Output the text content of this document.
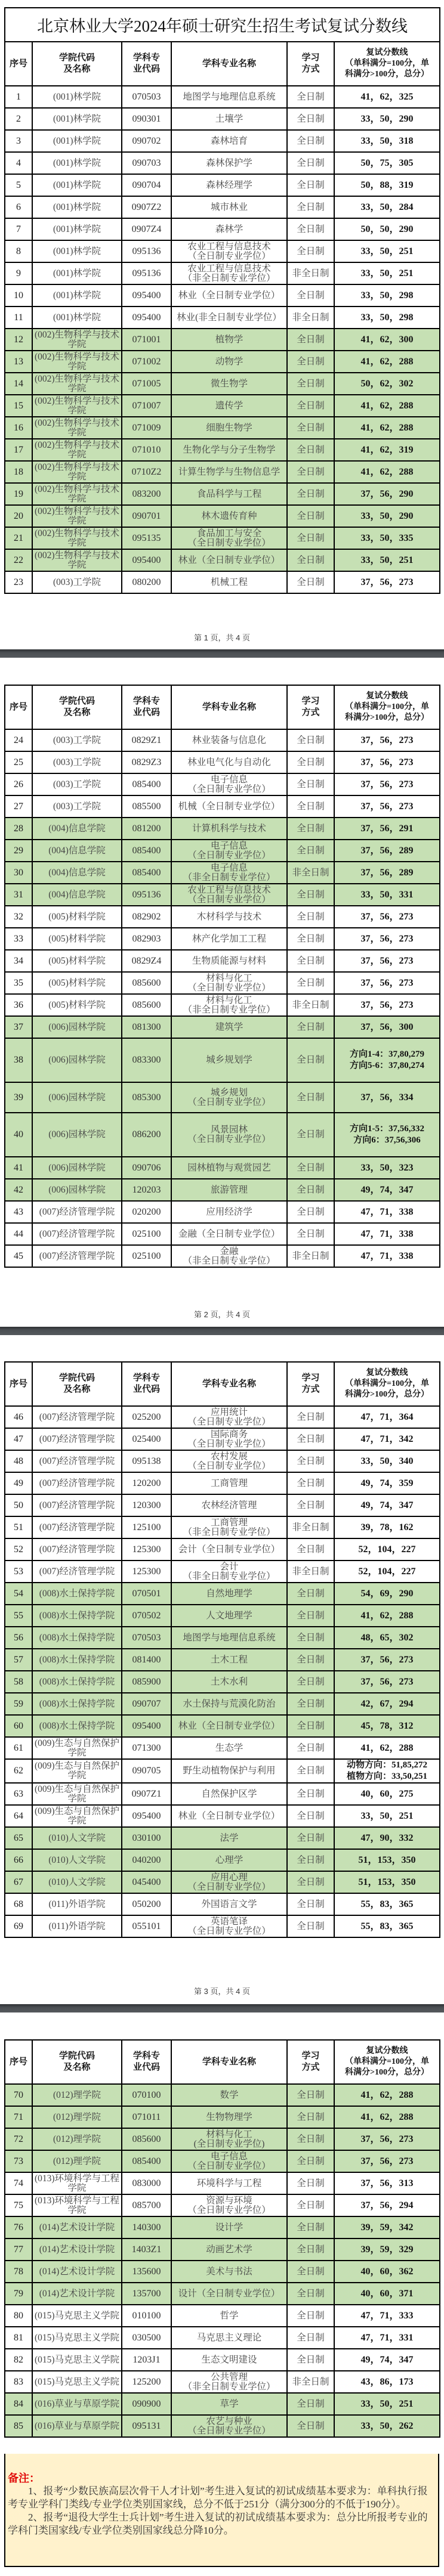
北京林业大学2024年硕士研究生招生考试复试分数线					
序号	学院代码
及名称	学科专
业代码	学科专业名称	学习
方式	复试分数线
（单科满分=100分，单
科满分>100分，总分）
1	(001)林学院	070503	地图学与地理信息系统	全日制	41，62，325
2	(001)林学院	090301	土壤学	全日制	33，50，290
3	(001)林学院	090702	森林培育	全日制	33，50，318
4	(001)林学院	090703	森林保护学	全日制	50，75，305
5	(001)林学院	090704	森林经理学	全日制	50，88，319
6	(001)林学院	0907Z2	城市林业	全日制	33，50，284
7	(001)林学院	0907Z4	森林学	全日制	50，50，290
8	(001)林学院	095136	农业工程与信息技术
（全日制专业学位）	全日制	33，50，251
9	(001)林学院	095136	农业工程与信息技术
（非全日制专业学位）	非全日制	33，50，251
10	(001)林学院	095400	林业（全日制专业学位）	全日制	33，50，298
11	(001)林学院	095400	林业(非全日制专业学位）	非全日制	33，50，298
12	(002)生物科学与技术学院	071001	植物学	全日制	41，62，300
13	(002)生物科学与技术学院	071002	动物学	全日制	41，62，288
14	(002)生物科学与技术学院	071005	微生物学	全日制	50，62，302
15	(002)生物科学与技术学院	071007	遗传学	全日制	41，62，288
16	(002)生物科学与技术学院	071009	细胞生物学	全日制	41，62，288
17	(002)生物科学与技术学院	071010	生物化学与分子生物学	全日制	41，62，319
18	(002)生物科学与技术学院	0710Z2	计算生物学与生物信息学	全日制	41，62，288
19	(002)生物科学与技术学院	083200	食品科学与工程	全日制	37，56，290
20	(002)生物科学与技术学院	090701	林木遗传育种	全日制	33，50，290
21	(002)生物科学与技术学院	095135	食品加工与安全
（全日制专业学位）	全日制	33，50，335
22	(002)生物科学与技术学院	095400	林业（全日制专业学位）	全日制	33，50，251
23	(003)工学院	080200	机械工程	全日制	37，56，273
第 1 页，共 4 页
序号	学院代码
及名称	学科专
业代码	学科专业名称	学习
方式	复试分数线
（单科满分=100分，单
科满分>100分，总分）
24	(003)工学院	0829Z1	林业装备与信息化	全日制	37，56，273
25	(003)工学院	0829Z3	林业电气化与自动化	全日制	37，56，273
26	(003)工学院	085400	电子信息
（全日制专业学位）	全日制	37，56，273
27	(003)工学院	085500	机械（全日制专业学位）	全日制	37，56，273
28	(004)信息学院	081200	计算机科学与技术	全日制	37，56，291
29	(004)信息学院	085400	电子信息
（全日制专业学位）	全日制	37，56，289
30	(004)信息学院	085400	电子信息
（非全日制专业学位）	非全日制	37，56，289
31	(004)信息学院	095136	农业工程与信息技术
（全日制专业学位）	全日制	33，50，331
32	(005)材料学院	082902	木材科学与技术	全日制	37，56，273
33	(005)材料学院	082903	林产化学加工工程	全日制	37，56，273
34	(005)材料学院	0829Z4	生物质能源与材料	全日制	37，56，273
35	(005)材料学院	085600	材料与化工
（全日制专业学位）	全日制	37，56，273
36	(005)材料学院	085600	材料与化工
（非全日制专业学位）	非全日制	37，56，273
37	(006)园林学院	081300	建筑学	全日制	37，56，300
38	(006)园林学院	083300	城乡规划学	全日制	方向1-4：37,80,279
方向5-6：37,80,274
39	(006)园林学院	085300	城乡规划
（全日制专业学位）	全日制	37，56，334
40	(006)园林学院	086200	风景园林
（全日制专业学位）	全日制	方向1-5：37,56,332
方向6：37,56,306
41	(006)园林学院	090706	园林植物与观赏园艺	全日制	33，50，323
42	(006)园林学院	120203	旅游管理	全日制	49，74，347
43	(007)经济管理学院	020200	应用经济学	全日制	47，71，338
44	(007)经济管理学院	025100	金融（全日制专业学位）	全日制	47，71，338
45	(007)经济管理学院	025100	金融
（非全日制专业学位）	非全日制	47，71，338
第 2 页，共 4 页
序号	学院代码
及名称	学科专
业代码	学科专业名称	学习
方式	复试分数线
（单科满分=100分，单
科满分>100分，总分）
46	(007)经济管理学院	025200	应用统计
（全日制专业学位）	全日制	47，71，364
47	(007)经济管理学院	025400	国际商务
（全日制专业学位）	全日制	47，71，342
48	(007)经济管理学院	095138	农村发展
（全日制专业学位）	全日制	33，50，340
49	(007)经济管理学院	120200	工商管理	全日制	49，74，359
50	(007)经济管理学院	120300	农林经济管理	全日制	49，74，347
51	(007)经济管理学院	125100	工商管理
（非全日制专业学位）	非全日制	39，78，162
52	(007)经济管理学院	125300	会计（全日制专业学位）	全日制	52，104，227
53	(007)经济管理学院	125300	会计
（非全日制专业学位）	非全日制	52，104，227
54	(008)水土保持学院	070501	自然地理学	全日制	54，69，290
55	(008)水土保持学院	070502	人文地理学	全日制	41，62，288
56	(008)水土保持学院	070503	地图学与地理信息系统	全日制	48，65，302
57	(008)水土保持学院	081400	土木工程	全日制	37，56，273
58	(008)水土保持学院	085900	土木水利	全日制	37，56，273
59	(008)水土保持学院	090707	水土保持与荒漠化防治	全日制	42，67，294
60	(008)水土保持学院	095400	林业（全日制专业学位）	全日制	45，78，312
61	(009)生态与自然保护学院	071300	生态学	全日制	41，62，288
62	(009)生态与自然保护学院	090705	野生动植物保护与利用	全日制	动物方向：51,85,272
植物方向：33,50,251
63	(009)生态与自然保护学院	0907Z1	自然保护区学	全日制	40，60，275
64	(009)生态与自然保护学院	095400	林业（全日制专业学位）	全日制	33，50，251
65	(010)人文学院	030100	法学	全日制	47，90，332
66	(010)人文学院	040200	心理学	全日制	51，153，350
67	(010)人文学院	045400	应用心理
（全日制专业学位）	全日制	51，153，350
68	(011)外语学院	050200	外国语言文学	全日制	55，83，365
69	(011)外语学院	055101	英语笔译
（全日制专业学位）	全日制	55，83，365
第 3 页，共 4 页
序号	学院代码
及名称	学科专
业代码	学科专业名称	学习
方式	复试分数线
（单科满分=100分，单
科满分>100分，总分）
70	(012)理学院	070100	数学	全日制	41，62，288
71	(012)理学院	071011	生物物理学	全日制	41，62，288
72	(012)理学院	085600	材料与化工
(全日制专业学位)	全日制	37，56，273
73	(012)理学院	085400	电子信息
（全日制专业学位）	全日制	37，56，273
74	(013)环境科学与工程学院	083000	环境科学与工程	全日制	37，56，313
75	(013)环境科学与工程学院	085700	资源与环境
（全日制专业学位）	全日制	37，56，294
76	(014)艺术设计学院	140300	设计学	全日制	39，59，342
77	(014)艺术设计学院	1403Z1	动画艺术学	全日制	39，59，329
78	(014)艺术设计学院	135600	美术与书法	全日制	40，60，362
79	(014)艺术设计学院	135700	设计（全日制专业学位）	全日制	40，60，371
80	(015)马克思主义学院	010100	哲学	全日制	47，71，333
81	(015)马克思主义学院	030500	马克思主义理论	全日制	47，71，331
82	(015)马克思主义学院	1203J1	生态文明建设	全日制	49，74，347
83	(015)马克思主义学院	125200	公共管理
（非全日制专业学位）	非全日制	43，86，173
84	(016)草业与草原学院	090900	草学	全日制	33，50，251
85	(016)草业与草原学院	095131	农艺与种业
（全日制专业学位）	全日制	33，50，262
备注：

1、报考“少数民族高层次骨干人才计划”考生进入复试的初试成绩基本要求为：单科执行报考专业学科门类线/专业学位类别国家线，总分不低于251分（满分300分的不低于190分）。

2、报考“退役大学生士兵计划”考生进入复试的初试成绩基本要求为：总分比所报考专业的学科门类国家线/专业学位类别国家线总分降10分。
